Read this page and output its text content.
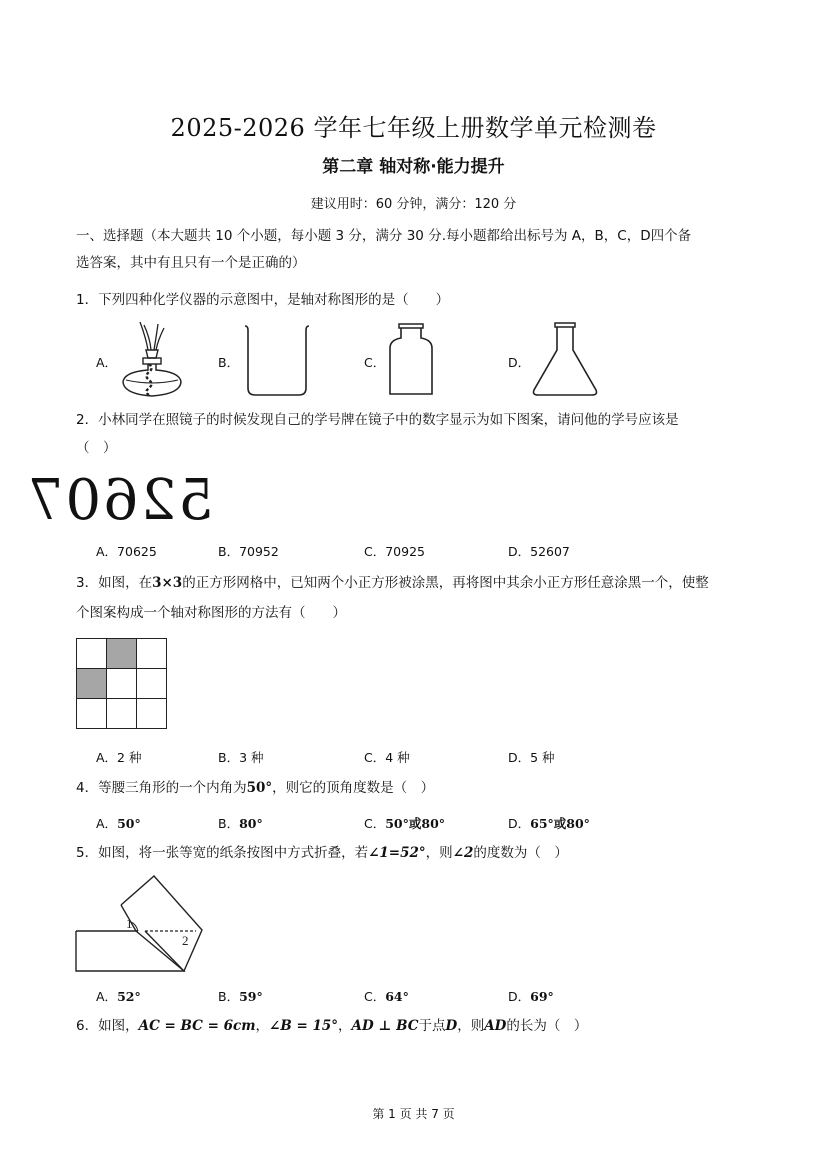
2025-2026 学年七年级上册数学单元检测卷
第二章 轴对称·能力提升
建议用时：60 分钟，满分：120 分
一、选择题（本大题共 10 个小题，每小题 3 分，满分 30 分.每小题都给出标号为 A，B，C，D四个备
选答案，其中有且只有一个是正确的）
1．下列四种化学仪器的示意图中，是轴对称图形的是（　　）
A．	B．	C．	D．
2．小林同学在照镜子的时候发现自己的学号牌在镜子中的数字显示为如下图案，请问他的学号应该是
（　）
52607
A．70625	B．70952	C．70925	D．52607
3．如图，在3×3的正方形网格中，已知两个小正方形被涂黑，再将图中其余小正方形任意涂黑一个，使整
个图案构成一个轴对称图形的方法有（　　）

A．2 种	B．3 种	C．4 种	D．5 种
4．等腰三角形的一个内角为50°，则它的顶角度数是（　）
A．50°	B．80°	C．50°或80°	D．65°或80°
5．如图，将一张等宽的纸条按图中方式折叠，若∠1=52°，则∠2的度数为（　）
1
2
A．52°	B．59°	C．64°	D．69°
6．如图，AC = BC = 6cm，∠B = 15°，AD ⊥ BC于点D，则AD的长为（　）
第 1 页 共 7 页
